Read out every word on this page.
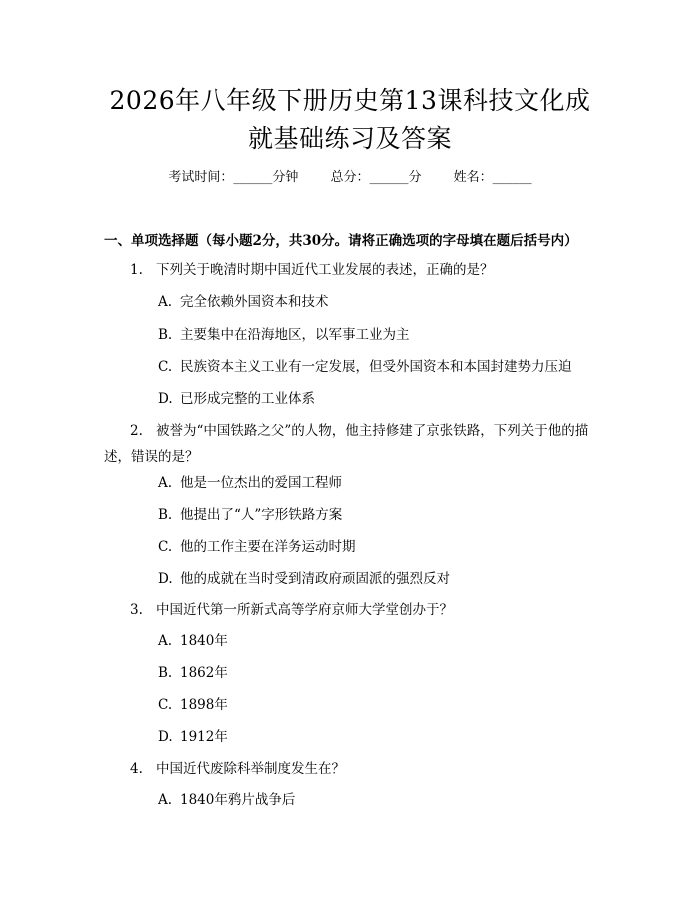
2026年八年级下册历史第13课科技文化成
就基础练习及答案
考试时间：______分钟 总分：______分 姓名：______
一、单项选择题（每小题2分，共30分。请将正确选项的字母填在题后括号内）
1. 下列关于晚清时期中国近代工业发展的表述，正确的是？
A. 完全依赖外国资本和技术
B. 主要集中在沿海地区，以军事工业为主
C. 民族资本主义工业有一定发展，但受外国资本和本国封建势力压迫
D. 已形成完整的工业体系
2. 被誉为“中国铁路之父”的人物，他主持修建了京张铁路，下列关于他的描述，错误的是？
A. 他是一位杰出的爱国工程师
B. 他提出了“人”字形铁路方案
C. 他的工作主要在洋务运动时期
D. 他的成就在当时受到清政府顽固派的强烈反对
3. 中国近代第一所新式高等学府京师大学堂创办于？
A. 1840年
B. 1862年
C. 1898年
D. 1912年
4. 中国近代废除科举制度发生在？
A. 1840年鸦片战争后
